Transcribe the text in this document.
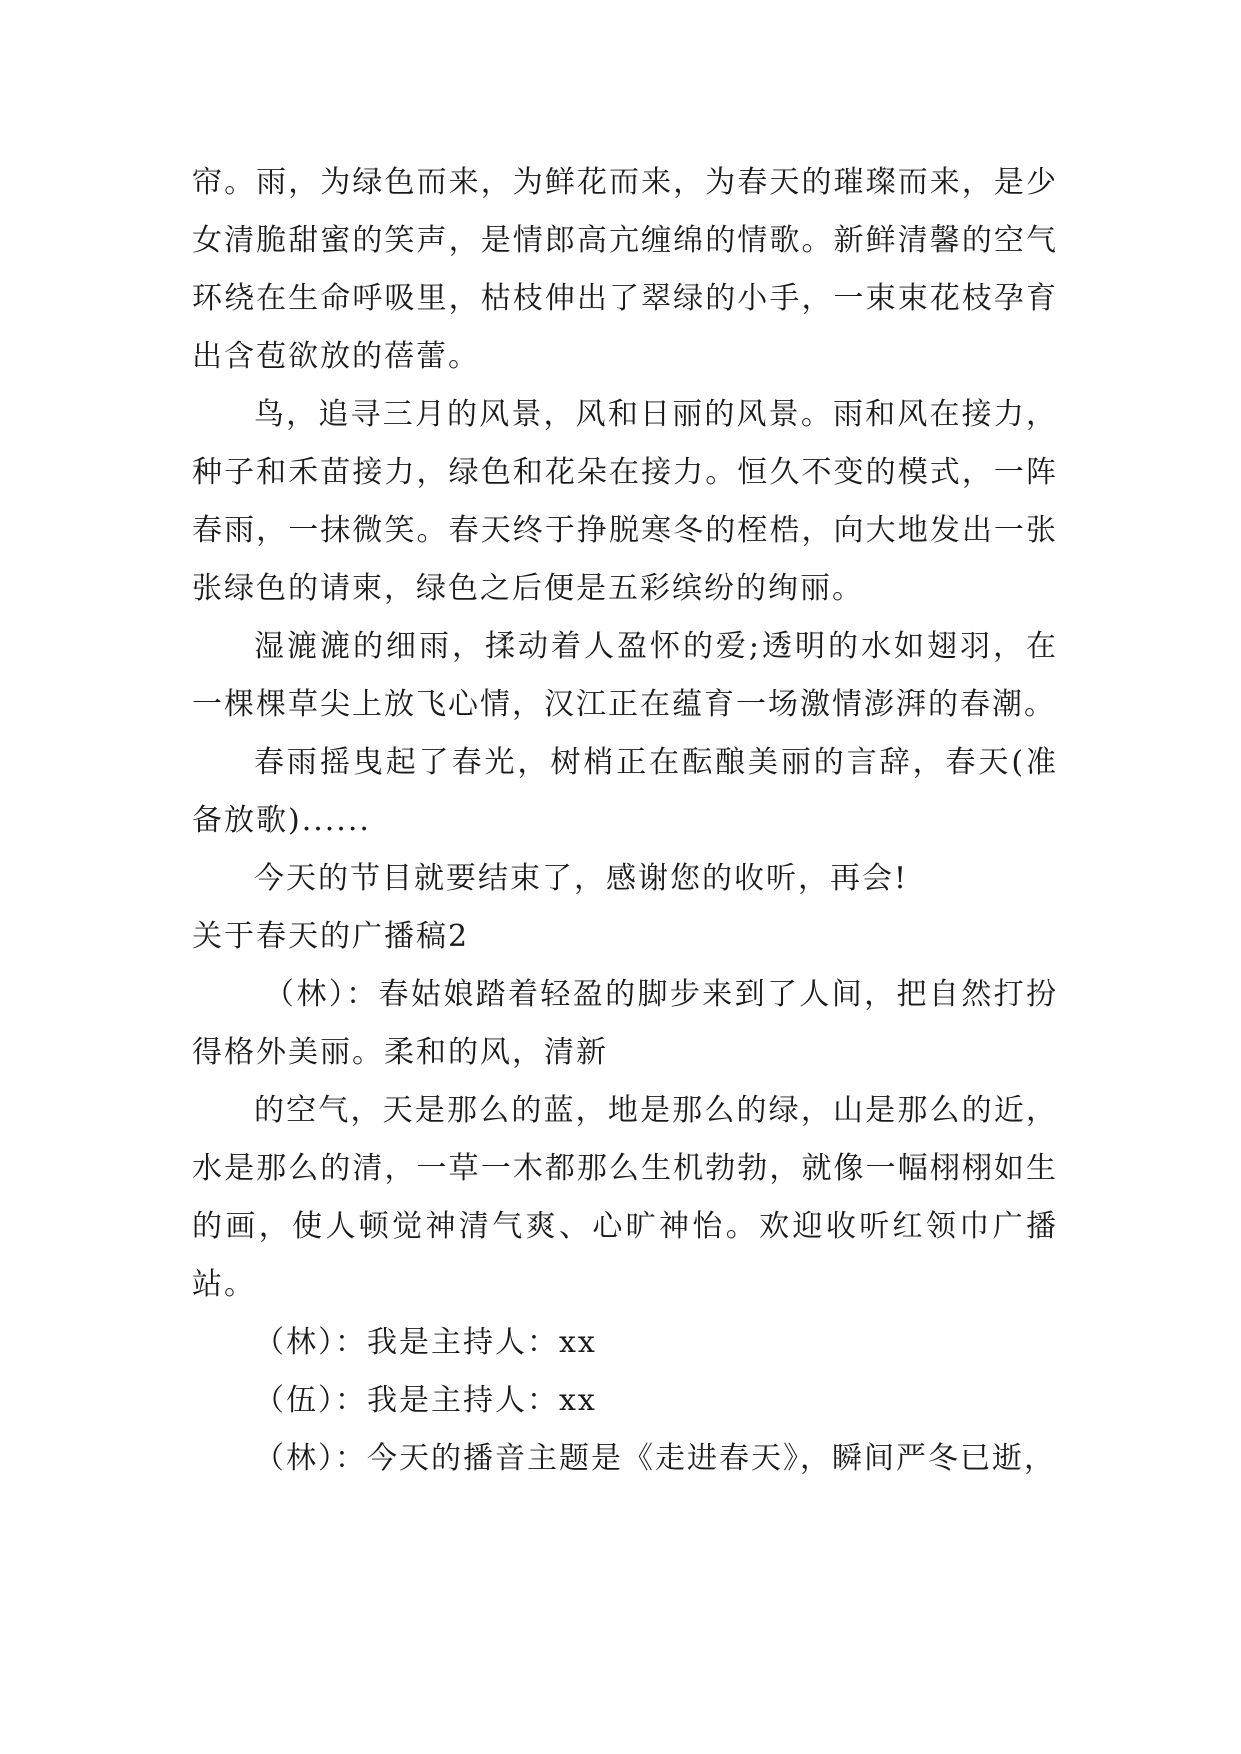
帘。雨，为绿色而来，为鲜花而来，为春天的璀璨而来，是少女清脆甜蜜的笑声，是情郎高亢缠绵的情歌。新鲜清馨的空气环绕在生命呼吸里，枯枝伸出了翠绿的小手，一束束花枝孕育出含苞欲放的蓓蕾。

鸟，追寻三月的风景，风和日丽的风景。雨和风在接力，种子和禾苗接力，绿色和花朵在接力。恒久不变的模式，一阵春雨，一抹微笑。春天终于挣脱寒冬的桎梏，向大地发出一张张绿色的请柬，绿色之后便是五彩缤纷的绚丽。

湿漉漉的细雨，揉动着人盈怀的爱;透明的水如翅羽，在一棵棵草尖上放飞心情，汉江正在蕴育一场激情澎湃的春潮。

春雨摇曳起了春光，树梢正在酝酿美丽的言辞，春天(准备放歌)......

今天的节目就要结束了，感谢您的收听，再会!

关于春天的广播稿2

（林）：春姑娘踏着轻盈的脚步来到了人间，把自然打扮得格外美丽。柔和的风，清新

的空气，天是那么的蓝，地是那么的绿，山是那么的近，水是那么的清，一草一木都那么生机勃勃，就像一幅栩栩如生的画，使人顿觉神清气爽、心旷神怡。欢迎收听红领巾广播站。

（林）：我是主持人：xx

（伍）：我是主持人：xx

（林）：今天的播音主题是《走进春天》，瞬间严冬已逝，
